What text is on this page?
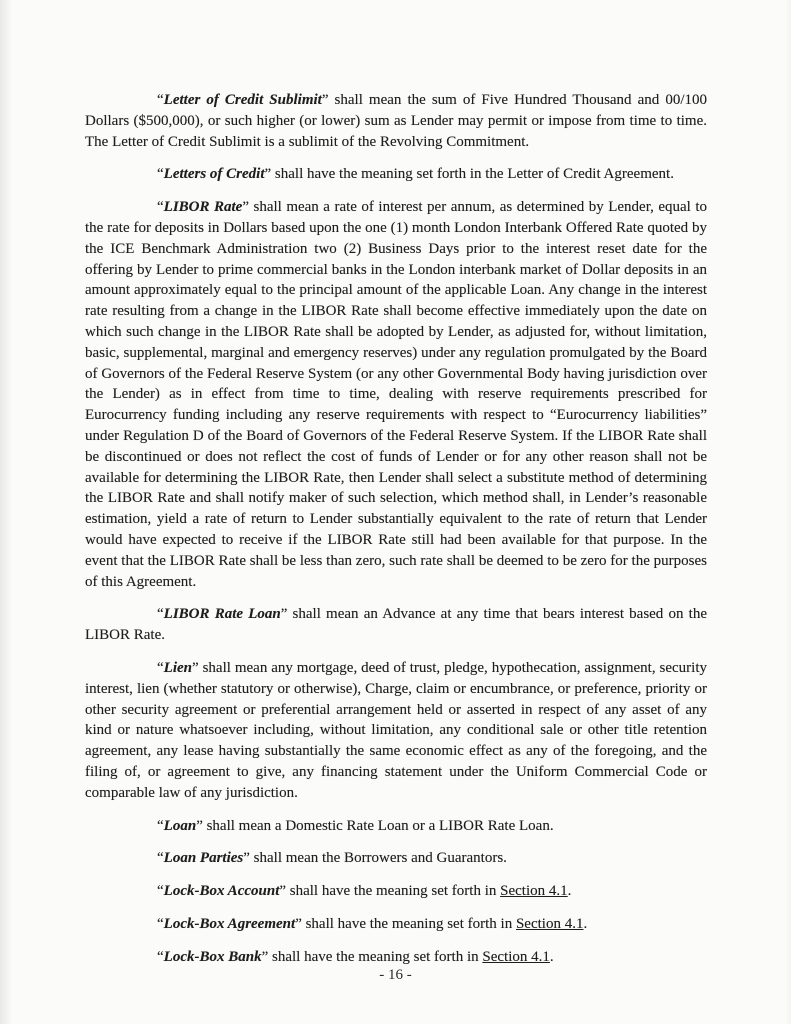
“Letter of Credit Sublimit” shall mean the sum of Five Hundred Thousand and 00/100 Dollars ($500,000), or such higher (or lower) sum as Lender may permit or impose from time to time. The Letter of Credit Sublimit is a sublimit of the Revolving Commitment.

“Letters of Credit” shall have the meaning set forth in the Letter of Credit Agreement.

“LIBOR Rate” shall mean a rate of interest per annum, as determined by Lender, equal to the rate for deposits in Dollars based upon the one (1) month London Interbank Offered Rate quoted by the ICE Benchmark Administration two (2) Business Days prior to the interest reset date for the offering by Lender to prime commercial banks in the London interbank market of Dollar deposits in an amount approximately equal to the principal amount of the applicable Loan. Any change in the interest rate resulting from a change in the LIBOR Rate shall become effective immediately upon the date on which such change in the LIBOR Rate shall be adopted by Lender, as adjusted for, without limitation, basic, supplemental, marginal and emergency reserves) under any regulation promulgated by the Board of Governors of the Federal Reserve System (or any other Governmental Body having jurisdiction over the Lender) as in effect from time to time, dealing with reserve requirements prescribed for Eurocurrency funding including any reserve requirements with respect to “Eurocurrency liabilities” under Regulation D of the Board of Governors of the Federal Reserve System. If the LIBOR Rate shall be discontinued or does not reflect the cost of funds of Lender or for any other reason shall not be available for determining the LIBOR Rate, then Lender shall select a substitute method of determining the LIBOR Rate and shall notify maker of such selection, which method shall, in Lender’s reasonable estimation, yield a rate of return to Lender substantially equivalent to the rate of return that Lender would have expected to receive if the LIBOR Rate still had been available for that purpose. In the event that the LIBOR Rate shall be less than zero, such rate shall be deemed to be zero for the purposes of this Agreement.

“LIBOR Rate Loan” shall mean an Advance at any time that bears interest based on the LIBOR Rate.

“Lien” shall mean any mortgage, deed of trust, pledge, hypothecation, assignment, security interest, lien (whether statutory or otherwise), Charge, claim or encumbrance, or preference, priority or other security agreement or preferential arrangement held or asserted in respect of any asset of any kind or nature whatsoever including, without limitation, any conditional sale or other title retention agreement, any lease having substantially the same economic effect as any of the foregoing, and the filing of, or agreement to give, any financing statement under the Uniform Commercial Code or comparable law of any jurisdiction.

“Loan” shall mean a Domestic Rate Loan or a LIBOR Rate Loan.

“Loan Parties” shall mean the Borrowers and Guarantors.

“Lock-Box Account” shall have the meaning set forth in Section 4.1.

“Lock-Box Agreement” shall have the meaning set forth in Section 4.1.

“Lock-Box Bank” shall have the meaning set forth in Section 4.1.

- 16 -
